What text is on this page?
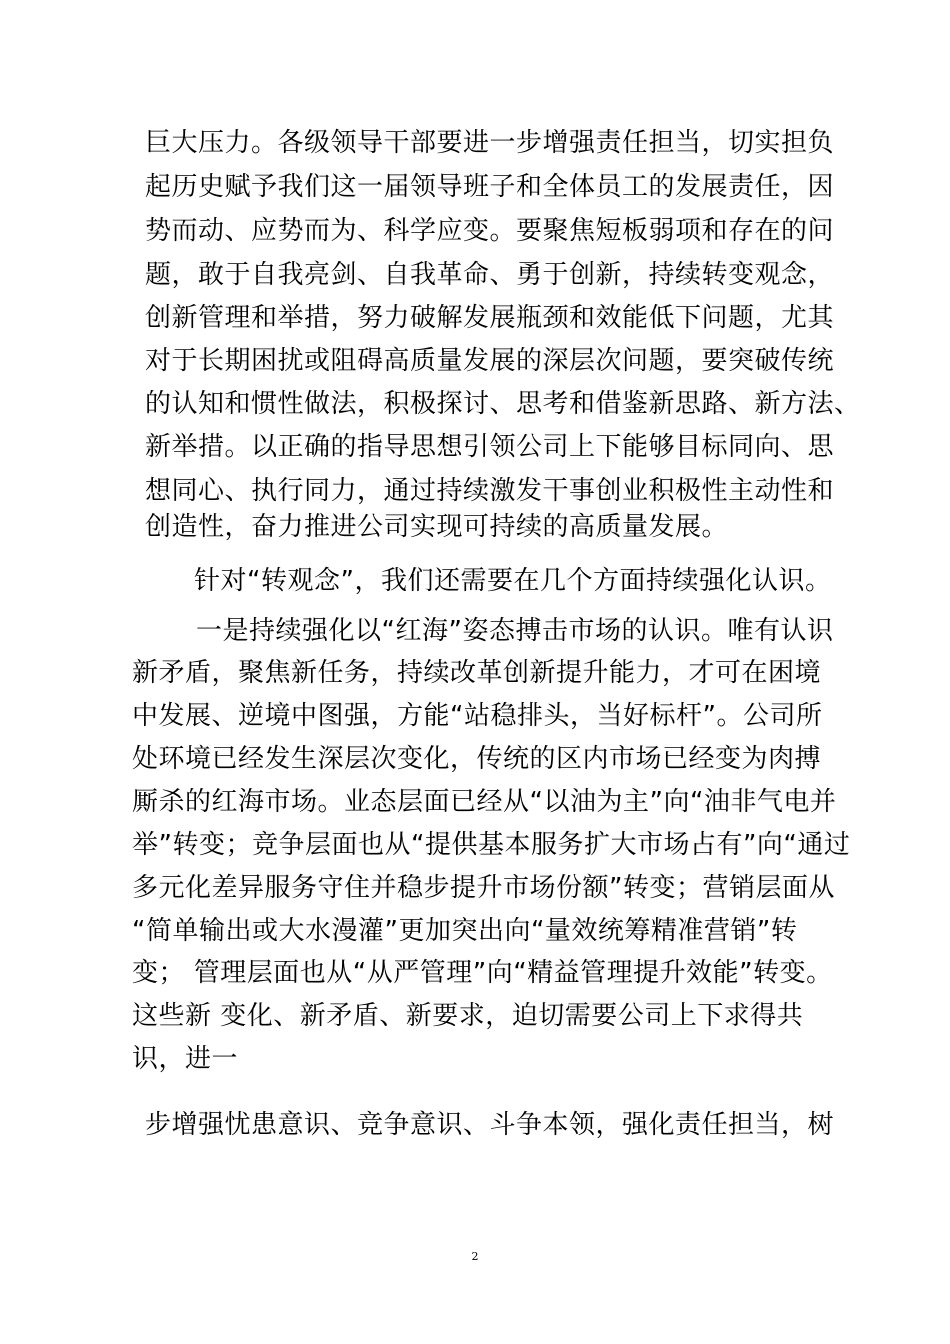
巨大压力。各级领导干部要进一步增强责任担当，切实担负
起历史赋予我们这一届领导班子和全体员工的发展责任，因
势而动、应势而为、科学应变。要聚焦短板弱项和存在的问
题，敢于自我亮剑、自我革命、勇于创新，持续转变观念，
创新管理和举措，努力破解发展瓶颈和效能低下问题，尤其
对于长期困扰或阻碍高质量发展的深层次问题，要突破传统
的认知和惯性做法，积极探讨、思考和借鉴新思路、新方法、
新举措。以正确的指导思想引领公司上下能够目标同向、思
想同心、执行同力，通过持续激发干事创业积极性主动性和
创造性，奋力推进公司实现可持续的高质量发展。
针对“转观念”，我们还需要在几个方面持续强化认识。
一是持续强化以“红海”姿态搏击市场的认识。唯有认识
新矛盾，聚焦新任务，持续改革创新提升能力，才可在困境
中发展、逆境中图强，方能“站稳排头，当好标杆”。公司所
处环境已经发生深层次变化，传统的区内市场已经变为肉搏
厮杀的红海市场。业态层面已经从“以油为主”向“油非气电并
举”转变；竞争层面也从“提供基本服务扩大市场占有”向“通过
多元化差异服务守住并稳步提升市场份额”转变；营销层面从
“简单输出或大水漫灌”更加突出向“量效统筹精准营销”转
变； 管理层面也从“从严管理”向“精益管理提升效能”转变。
这些新 变化、新矛盾、新要求，迫切需要公司上下求得共
识，进一
步增强忧患意识、竞争意识、斗争本领，强化责任担当，树
2
